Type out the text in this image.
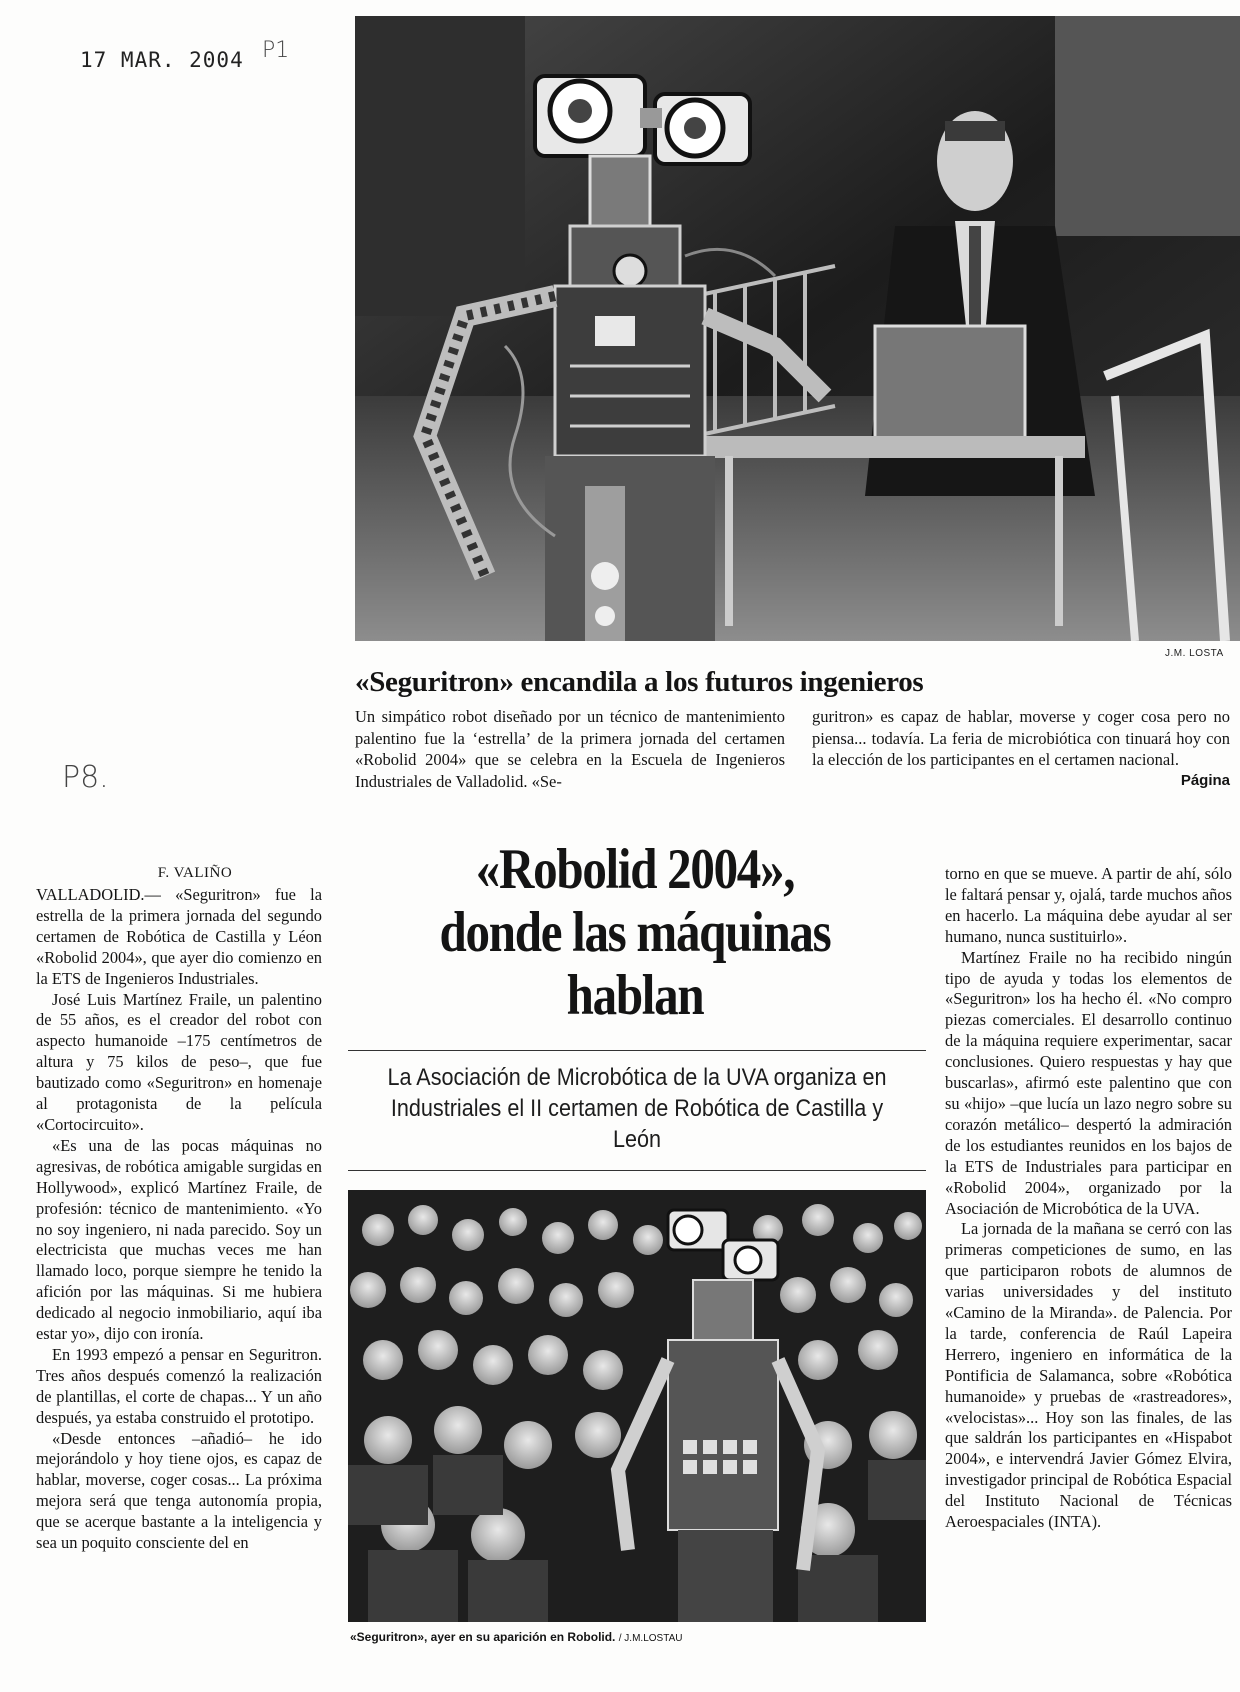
17 MAR. 2004 P1
P8.
J.M. LOSTA
«Seguritron» encandila a los futuros ingenieros

Un simpático robot diseñado por un técnico de mantenimiento palentino fue la ‘estrella’ de la primera jornada del certamen «Robolid 2004» que se celebra en la Escuela de Ingenieros Industriales de Valladolid. «Se-

guritron» es capaz de hablar, moverse y coger cosa pero no piensa... todavía. La feria de microbiótica con tinuará hoy con la elección de los participantes en el certamen nacional.

Página
F. VALIÑO

VALLADOLID.— «Seguritron» fue la estrella de la primera jornada del segundo certamen de Robótica de Castilla y Léon «Robolid 2004», que ayer dio comienzo en la ETS de Ingenieros Industriales.

José Luis Martínez Fraile, un palentino de 55 años, es el creador del robot con aspecto humanoide –175 centímetros de altura y 75 kilos de peso–, que fue bautizado como «Seguritron» en homenaje al protagonista de la película «Cortocircuito».

«Es una de las pocas máquinas no agresivas, de robótica amigable surgidas en Hollywood», explicó Martínez Fraile, de profesión: técnico de mantenimiento. «Yo no soy ingeniero, ni nada parecido. Soy un electricista que muchas veces me han llamado loco, porque siempre he tenido la afición por las máquinas. Si me hubiera dedicado al negocio inmobiliario, aquí iba estar yo», dijo con ironía.

En 1993 empezó a pensar en Seguritron. Tres años después comenzó la realización de plantillas, el corte de chapas... Y un año después, ya estaba construido el prototipo.

«Desde entonces –añadió– he ido mejorándolo y hoy tiene ojos, es capaz de hablar, moverse, coger cosas... La próxima mejora será que tenga autonomía propia, que se acerque bastante a la inteligencia y sea un poquito consciente del en

«Robolid 2004»,
donde las máquinas
hablan
La Asociación de Microbótica de la UVA organiza en Industriales el II certamen de Robótica de Castilla y León
«Seguritron», ayer en su aparición en Robolid. / J.M.LOSTAU

torno en que se mueve. A partir de ahí, sólo le faltará pensar y, ojalá, tarde muchos años en hacerlo. La máquina debe ayudar al ser humano, nunca sustituirlo».

Martínez Fraile no ha recibido ningún tipo de ayuda y todas los elementos de «Seguritron» los ha hecho él. «No compro piezas comerciales. El desarrollo continuo de la máquina requiere experimentar, sacar conclusiones. Quiero respuestas y hay que buscarlas», afirmó este palentino que con su «hijo» –que lucía un lazo negro sobre su corazón metálico– despertó la admiración de los estudiantes reunidos en los bajos de la ETS de Industriales para participar en «Robolid 2004», organizado por la Asociación de Microbótica de la UVA.

La jornada de la mañana se cerró con las primeras competiciones de sumo, en las que participaron robots de alumnos de varias universidades y del instituto «Camino de la Miranda». de Palencia. Por la tarde, conferencia de Raúl Lapeira Herrero, ingeniero en informática de la Pontificia de Salamanca, sobre «Robótica humanoide» y pruebas de «rastreadores», «velocistas»... Hoy son las finales, de las que saldrán los participantes en «Hispabot 2004», e intervendrá Javier Gómez Elvira, investigador principal de Robótica Espacial del Instituto Nacional de Técnicas Aeroespaciales (INTA).
